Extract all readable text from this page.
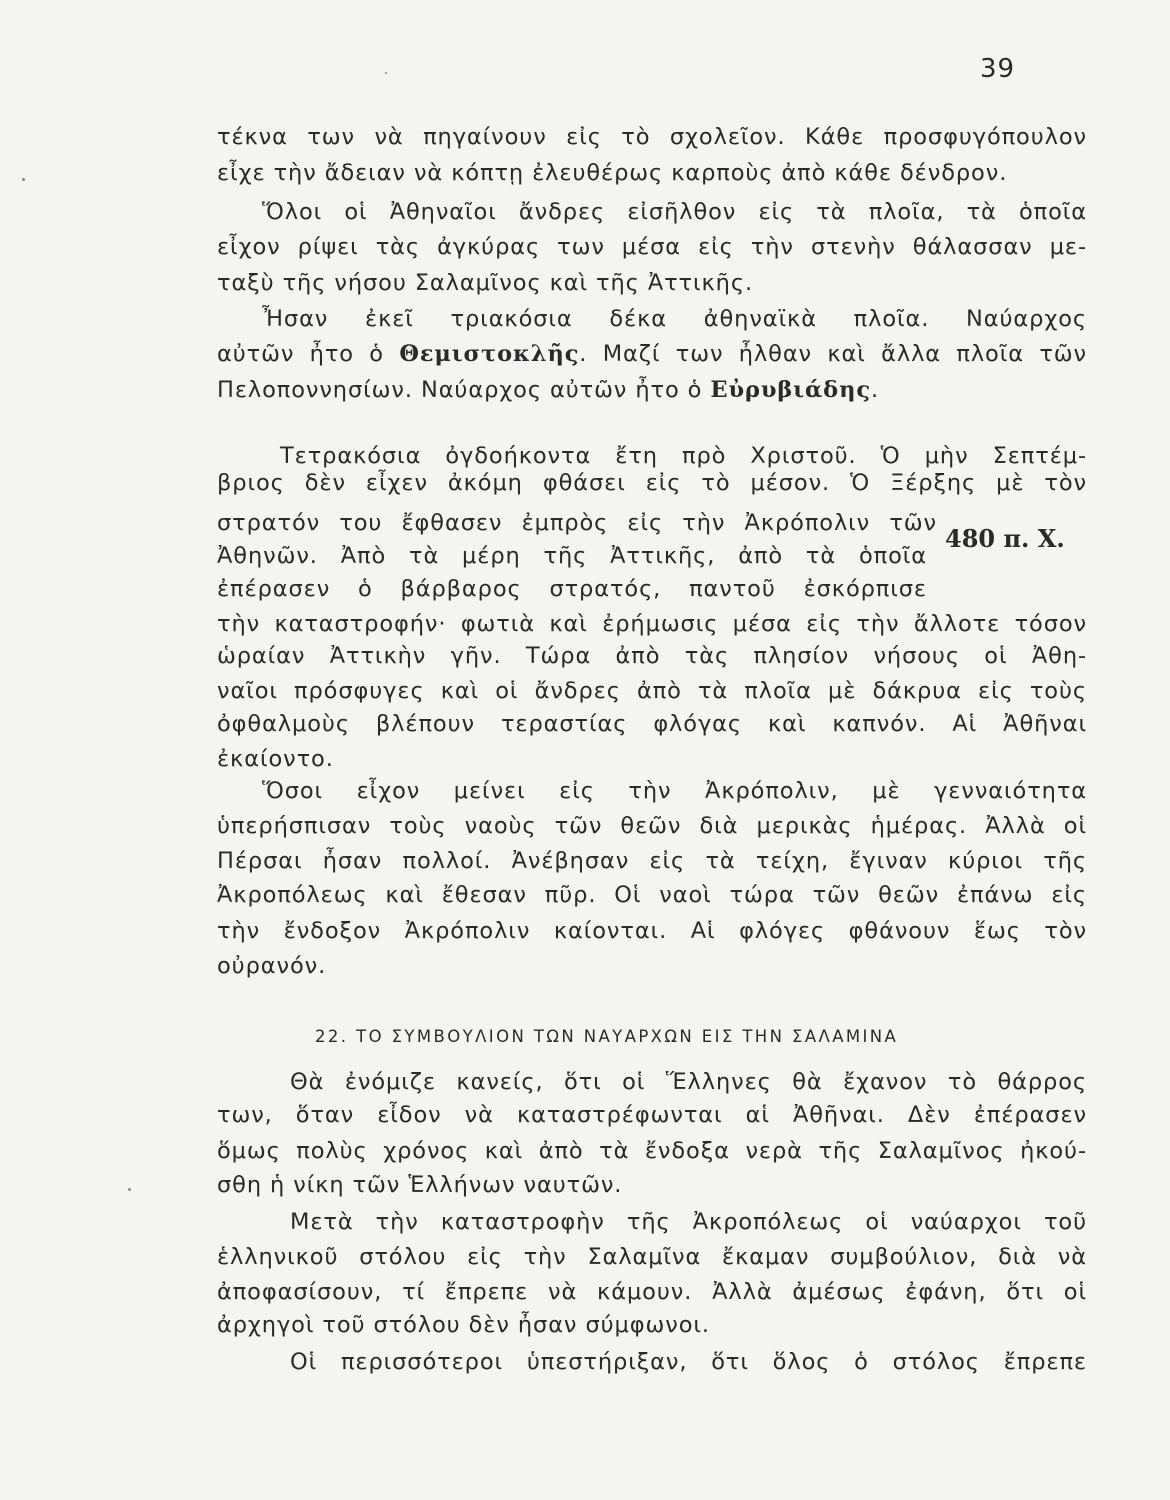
39
τέκνα των νὰ πηγαίνουν εἰς τὸ σχολεῖον. Κάθε προσφυγόπουλον
εἶχε τὴν ἄδειαν νὰ κόπτῃ ἐλευθέρως καρποὺς ἀπὸ κάθε δένδρον.
Ὅλοι οἱ Ἀθηναῖοι ἄνδρες εἰσῆλθον εἰς τὰ πλοῖα, τὰ ὁποῖα
εἶχον ρίψει τὰς ἀγκύρας των μέσα εἰς τὴν στενὴν θάλασσαν με-
ταξὺ τῆς νήσου Σαλαμῖνος καὶ τῆς Ἀττικῆς.
Ἦσαν ἐκεῖ τριακόσια δέκα ἀθηναϊκὰ πλοῖα. Ναύαρχος
αὐτῶν ἦτο ὁ Θεμιστοκλῆς. Μαζί των ἦλθαν καὶ ἄλλα πλοῖα τῶν
Πελοποννησίων. Ναύαρχος αὐτῶν ἦτο ὁ Εὐρυβιάδης.
Τετρακόσια ὀγδοήκοντα ἔτη πρὸ Χριστοῦ. Ὁ μὴν Σεπτέμ-
βριος δὲν εἶχεν ἀκόμη φθάσει εἰς τὸ μέσον. Ὁ Ξέρξης μὲ τὸν
στρατόν του ἔφθασεν ἐμπρὸς εἰς τὴν Ἀκρόπολιν τῶν
Ἀθηνῶν. Ἀπὸ τὰ μέρη τῆς Ἀττικῆς, ἀπὸ τὰ ὁποῖα
480 π. Χ.
ἐπέρασεν ὁ βάρβαρος στρατός, παντοῦ ἐσκόρπισε
τὴν καταστροφήν· φωτιὰ καὶ ἐρήμωσις μέσα εἰς τὴν ἄλλοτε τόσον
ὡραίαν Ἀττικὴν γῆν. Τώρα ἀπὸ τὰς πλησίον νήσους οἱ Ἀθη-
ναῖοι πρόσφυγες καὶ οἱ ἄνδρες ἀπὸ τὰ πλοῖα μὲ δάκρυα εἰς τοὺς
ὀφθαλμοὺς βλέπουν τεραστίας φλόγας καὶ καπνόν. Αἱ Ἀθῆναι
ἐκαίοντο.
Ὅσοι εἶχον μείνει εἰς τὴν Ἀκρόπολιν, μὲ γενναιότητα
ὑπερήσπισαν τοὺς ναοὺς τῶν θεῶν διὰ μερικὰς ἡμέρας. Ἀλλὰ οἱ
Πέρσαι ἦσαν πολλοί. Ἀνέβησαν εἰς τὰ τείχη, ἔγιναν κύριοι τῆς
Ἀκροπόλεως καὶ ἔθεσαν πῦρ. Οἱ ναοὶ τώρα τῶν θεῶν ἐπάνω εἰς
22. ΤΟ ΣΥΜΒΟΥΛΙΟΝ ΤΩΝ ΝΑΥΑΡΧΩΝ ΕΙΣ ΤΗΝ ΣΑΛΑΜΙΝΑ
Θὰ ἐνόμιζε κανείς, ὅτι οἱ Ἕλληνες θὰ ἔχανον τὸ θάρρος
των, ὅταν εἶδον νὰ καταστρέφωνται αἱ Ἀθῆναι. Δὲν ἐπέρασεν
ὅμως πολὺς χρόνος καὶ ἀπὸ τὰ ἔνδοξα νερὰ τῆς Σαλαμῖνος ἠκού-
σθη ἡ νίκη τῶν Ἑλλήνων ναυτῶν.
Μετὰ τὴν καταστροφὴν τῆς Ἀκροπόλεως οἱ ναύαρχοι τοῦ
ἑλληνικοῦ στόλου εἰς τὴν Σαλαμῖνα ἔκαμαν συμβούλιον, διὰ νὰ
ἀποφασίσουν, τί ἔπρεπε νὰ κάμουν. Ἀλλὰ ἀμέσως ἐφάνη, ὅτι οἱ
ἀρχηγοὶ τοῦ στόλου δὲν ἦσαν σύμφωνοι.
Οἱ περισσότεροι ὑπεστήριξαν, ὅτι ὅλος ὁ στόλος ἔπρεπε
τὴν ἔνδοξον Ἀκρόπολιν καίονται. Αἱ φλόγες φθάνουν ἕως τὸν
οὐρανόν.
